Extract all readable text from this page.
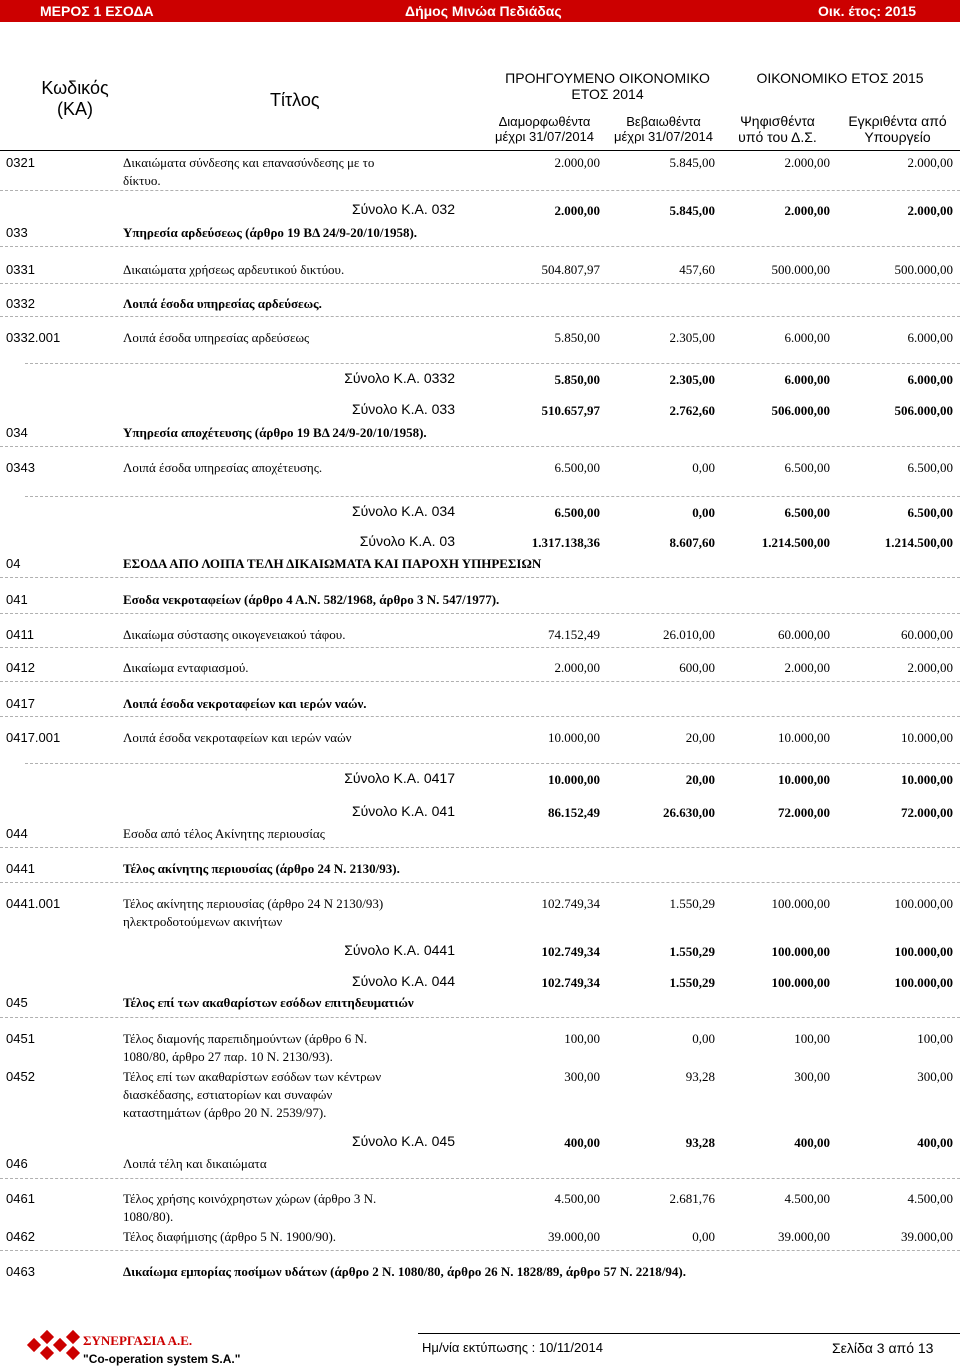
ΜΕΡΟΣ 1 ΕΣΟΔΑ	Δήμος Μινώα Πεδιάδας	Οικ. έτος: 2015
Κωδικός
(ΚΑ)	Τίτλος
ΠΡΟΗΓΟΥΜΕΝΟ ΟΙΚΟΝΟΜΙΚΟ
ΕΤΟΣ 2014
Διαμορφωθέντα
μέχρι 31/07/2014
Βεβαιωθέντα
μέχρι 31/07/2014
ΟΙΚΟΝΟΜΙΚΟ ΕΤΟΣ 2015
Ψηφισθέντα
υπό του Δ.Σ.
Εγκριθέντα από
Υπουργείο
0321	Δικαιώματα σύνδεσης και επανασύνδεσης με το
δίκτυο.
2.000,00	5.845,00	2.000,00	2.000,00
Σύνολο Κ.Α. 032	2.000,00	5.845,00	2.000,00	2.000,00
033	Υπηρεσία αρδεύσεως (άρθρο 19 ΒΔ 24/9-20/10/1958).
0331	Δικαιώματα χρήσεως αρδευτικού δικτύου.	504.807,97	457,60	500.000,00	500.000,00
0332	Λοιπά έσοδα υπηρεσίας αρδεύσεως.
0332.001	Λοιπά έσοδα υπηρεσίας αρδεύσεως	5.850,00	2.305,00	6.000,00	6.000,00
Σύνολο Κ.Α. 0332	5.850,00	2.305,00	6.000,00	6.000,00
Σύνολο Κ.Α. 033	510.657,97	2.762,60	506.000,00	506.000,00
034	Υπηρεσία αποχέτευσης (άρθρο 19 ΒΔ 24/9-20/10/1958).
0343	Λοιπά έσοδα υπηρεσίας αποχέτευσης.	6.500,00	0,00	6.500,00	6.500,00
Σύνολο Κ.Α. 034	6.500,00	0,00	6.500,00	6.500,00
Σύνολο Κ.Α. 03	1.317.138,36	8.607,60	1.214.500,00	1.214.500,00
04	ΕΣΟΔΑ ΑΠΟ ΛΟΙΠΑ ΤΕΛΗ ΔΙΚΑΙΩΜΑΤΑ ΚΑΙ ΠΑΡΟΧΗ ΥΠΗΡΕΣΙΩΝ
041	Εσοδα νεκροταφείων (άρθρο 4 Α.Ν. 582/1968, άρθρο 3 Ν. 547/1977).
0411	Δικαίωμα σύστασης οικογενειακού τάφου.	74.152,49	26.010,00	60.000,00	60.000,00
0412	Δικαίωμα ενταφιασμού.	2.000,00	600,00	2.000,00	2.000,00
0417	Λοιπά έσοδα νεκροταφείων και ιερών ναών.
0417.001	Λοιπά έσοδα νεκροταφείων και ιερών ναών	10.000,00	20,00	10.000,00	10.000,00
Σύνολο Κ.Α. 0417	10.000,00	20,00	10.000,00	10.000,00
Σύνολο Κ.Α. 041	86.152,49	26.630,00	72.000,00	72.000,00
044	Εσοδα από τέλος Ακίνητης περιουσίας
0441	Τέλος ακίνητης περιουσίας (άρθρο 24 Ν. 2130/93).
0441.001	Τέλος ακίνητης περιουσίας (άρθρο 24 Ν 2130/93)
ηλεκτροδοτούμενων ακινήτων
102.749,34	1.550,29	100.000,00	100.000,00
Σύνολο Κ.Α. 0441	102.749,34	1.550,29	100.000,00	100.000,00
Σύνολο Κ.Α. 044	102.749,34	1.550,29	100.000,00	100.000,00
045	Τέλος επί των ακαθαρίστων εσόδων επιτηδευματιών
0451	Τέλος διαμονής παρεπιδημούντων (άρθρο 6 Ν.
1080/80, άρθρο 27 παρ. 10 Ν. 2130/93).
100,00	0,00	100,00	100,00
0452	Τέλος επί των ακαθαρίστων εσόδων των κέντρων
διασκέδασης, εστιατορίων και συναφών
καταστημάτων (άρθρο 20 Ν. 2539/97).
300,00	93,28	300,00	300,00
Σύνολο Κ.Α. 045	400,00	93,28	400,00	400,00
046	Λοιπά τέλη και δικαιώματα
0461	Τέλος χρήσης κοινόχρηστων χώρων (άρθρο 3 Ν.
1080/80).
4.500,00	2.681,76	4.500,00	4.500,00
0462	Τέλος διαφήμισης (άρθρο 5 Ν. 1900/90).	39.000,00	0,00	39.000,00	39.000,00
0463	Δικαίωμα εμπορίας ποσίμων υδάτων (άρθρο 2 Ν. 1080/80, άρθρο 26 Ν. 1828/89, άρθρο 57 Ν. 2218/94).
ΣΥΝΕΡΓΑΣΙΑ Α.Ε.
"Co-operation system S.A."
Ημ/νία εκτύπωσης : 10/11/2014	Σελίδα 3 από 13
